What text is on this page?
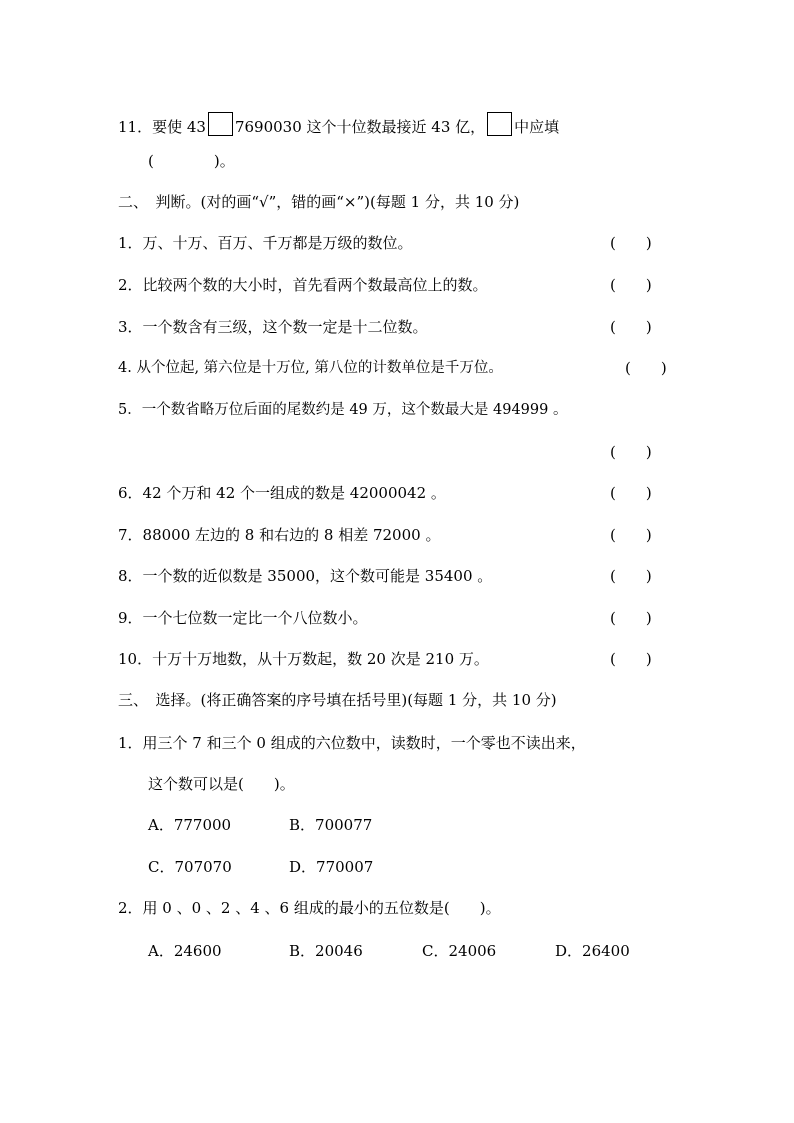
11．要使 43 7690030 这个十位数最接近 43 亿， 中应填
(　　　　)。
二、　判断。(对的画“√”，错的画“×”)(每题 1 分，共 10 分)
1．万、十万、百万、千万都是万级的数位。	(　　)
2．比较两个数的大小时，首先看两个数最高位上的数。	(　　)
3．一个数含有三级，这个数一定是十二位数。	(　　)
4. 从个位起, 第六位是十万位, 第八位的计数单位是千万位。	(　　)
5．一个数省略万位后面的尾数约是 49 万，这个数最大是 494999 。
(　　)
6．42 个万和 42 个一组成的数是 42000042 。	(　　)
7．88000 左边的 8 和右边的 8 相差 72000 。	(　　)
8．一个数的近似数是 35000，这个数可能是 35400 。	(　　)
9．一个七位数一定比一个八位数小。	(　　)
10．十万十万地数，从十万数起，数 20 次是 210 万。	(　　)
三、　选择。(将正确答案的序号填在括号里)(每题 1 分，共 10 分)
1．用三个 7 和三个 0 组成的六位数中，读数时，一个零也不读出来，
这个数可以是(　　)。
A．777000	B．700077
C．707070	D．770007
2．用 0 、0 、2 、4 、6 组成的最小的五位数是(　　)。
A．24600	B．20046	C．24006	D．26400
